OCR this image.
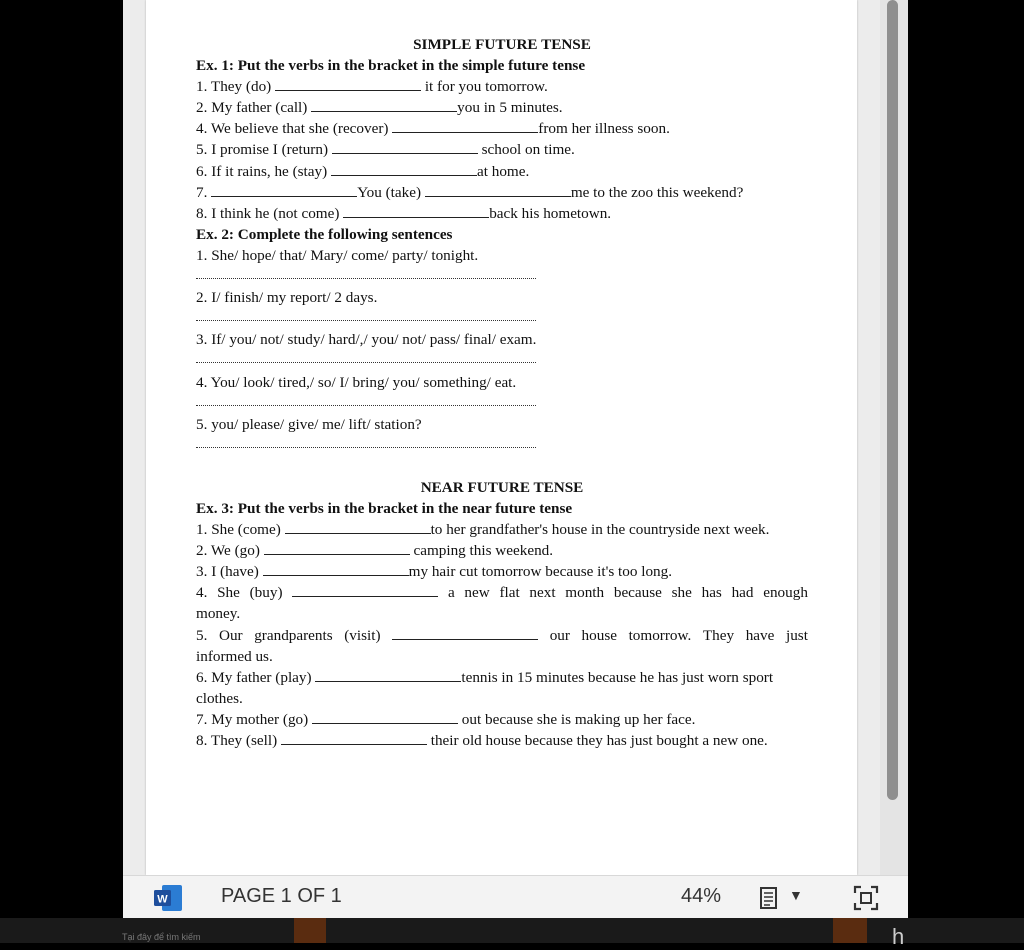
SIMPLE FUTURE TENSE
Ex. 1: Put the verbs in the bracket in the simple future tense
1. They (do)	it for you tomorrow.
2. My father (call)	you in 5 minutes.
4. We believe that she (recover)	from her illness soon.
5. I promise I (return)	school on time.
6. If it rains, he (stay)	at home.
7.	You (take)	me to the zoo this weekend?
8. I think he (not come)	back his hometown.
Ex. 2: Complete the following sentences
1. She/ hope/ that/ Mary/ come/ party/ tonight.
2. I/ finish/ my report/ 2 days.
3. If/ you/ not/ study/ hard/,/ you/ not/ pass/ final/ exam.
4. You/ look/ tired,/ so/ I/ bring/ you/ something/ eat.
5. you/ please/ give/ me/ lift/ station?
NEAR FUTURE TENSE
Ex. 3: Put the verbs in the bracket in the near future tense
1. She (come)	to her grandfather's house in the countryside next week.
2. We (go)	camping this weekend.
3. I (have)	my hair cut tomorrow because it's too long.
4. She (buy)	a new flat next month because she has had enough
money.
5. Our grandparents (visit)	our house tomorrow. They have just
informed us.
6. My father (play)	tennis in 15 minutes because he has just worn sport
clothes.
7. My mother (go)	out because she is making up her face.
8. They (sell)	their old house because they has just bought a new one.
W	PAGE 1 OF 1	44%	▼
Tại đây để tìm kiếm	h
